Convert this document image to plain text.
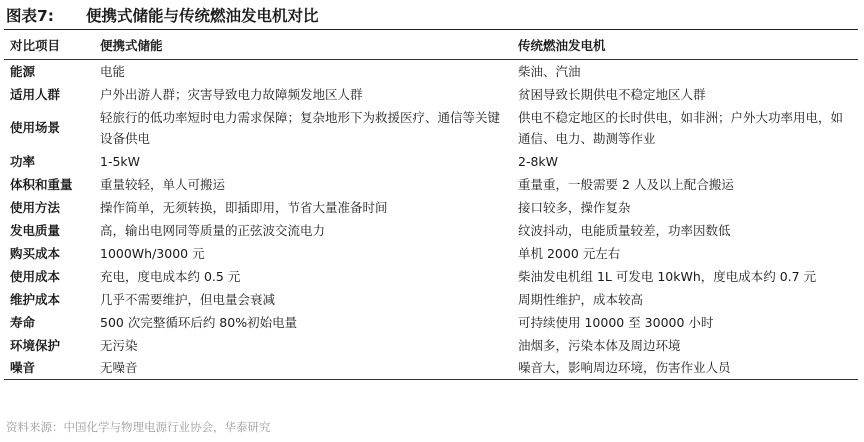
图表7: 便携式储能与传统燃油发电机对比
对比项目	便携式储能	传统燃油发电机
能源	电能	柴油、汽油
适用人群	户外出游人群；灾害导致电力故障频发地区人群	贫困导致长期供电不稳定地区人群
使用场景	轻旅行的低功率短时电力需求保障；复杂地形下为救援医疗、通信等关键设备供电	供电不稳定地区的长时供电，如非洲；户外大功率用电，如通信、电力、勘测等作业

功率	1-5kW	2-8kW
体积和重量	重量较轻，单人可搬运	重量重，一般需要 2 人及以上配合搬运
使用方法	操作简单，无须转换，即插即用，节省大量准备时间	接口较多，操作复杂
发电质量	高，输出电网同等质量的正弦波交流电力	纹波抖动，电能质量较差，功率因数低
购买成本	1000Wh/3000 元	单机 2000 元左右
使用成本	充电，度电成本约 0.5 元	柴油发电机组 1L 可发电 10kWh，度电成本约 0.7 元
维护成本	几乎不需要维护，但电量会衰减	周期性维护，成本较高
寿命	500 次完整循环后约 80%初始电量	可持续使用 10000 至 30000 小时
环境保护	无污染	油烟多，污染本体及周边环境
噪音	无噪音	噪音大，影响周边环境，伤害作业人员
资料来源：中国化学与物理电源行业协会，华泰研究
